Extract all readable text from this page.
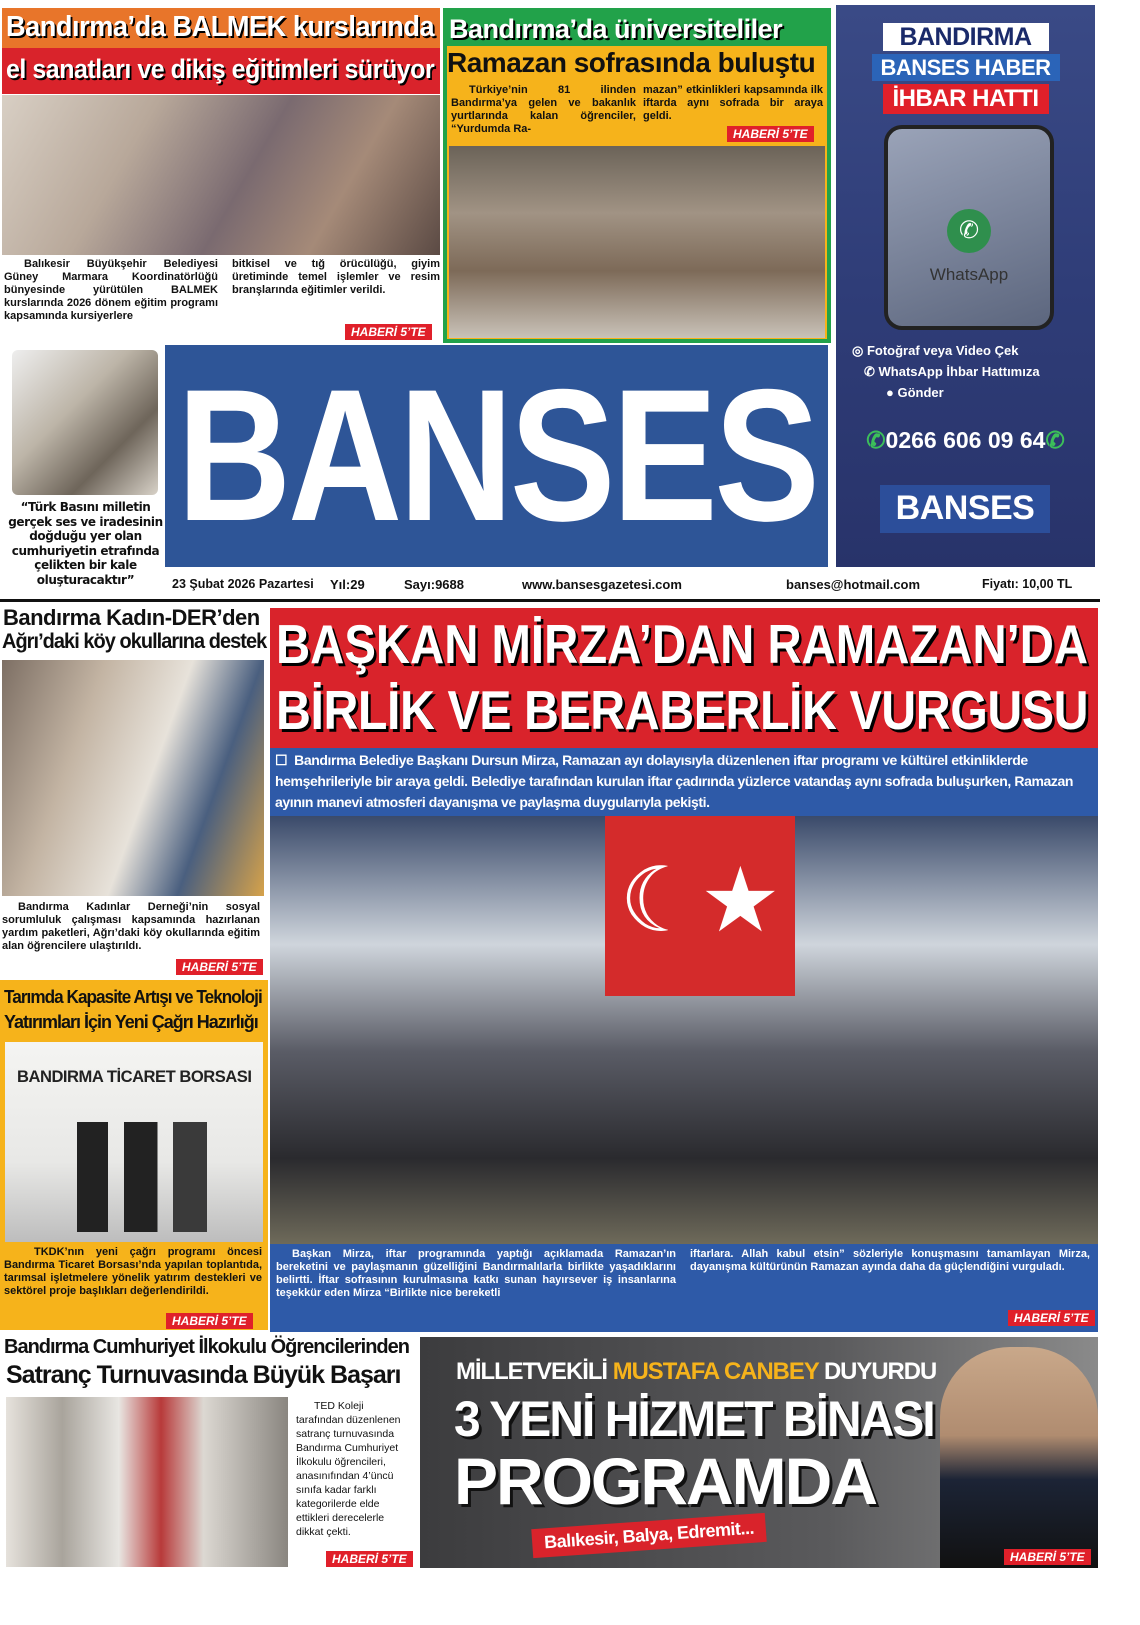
Bandırma’da BALMEK kurslarında
el sanatları ve dikiş eğitimleri sürüyor
Balıkesir Büyükşehir Belediyesi Güney Marmara Koordinatörlüğü bünyesinde yürütülen BALMEK kurslarında 2026 dönem eğitim programı kapsamında kursiyerlere
bitkisel ve tığ örücülüğü, giyim üretiminde temel işlemler ve resim branşlarında eğitimler verildi.
HABERİ 5’TE
Bandırma’da üniversiteliler
Ramazan sofrasında buluştu
Türkiye’nin 81 ilinden Bandırma’ya gelen ve bakanlık yurtlarında kalan öğrenciler, “Yurdumda Ra-
mazan” etkinlikleri kapsamında ilk iftarda aynı sofrada bir araya geldi.
HABERİ 5’TE
BANDIRMA
BANSES HABER
İHBAR HATTI
✆
WhatsApp
◎ Fotoğraf veya Video Çek
✆ WhatsApp İhbar Hattımıza
● Gönder
✆0266 606 09 64✆
BANSES
“Türk Basını milletin gerçek ses ve iradesinin doğduğu yer olan cumhuriyetin etrafında çelikten bir kale oluşturacaktır”
BANSES
23 Şubat 2026 Pazartesi Yıl:29	Sayı:9688	www.bansesgazetesi.com	banses@hotmail.com	Fiyatı: 10,00 TL
Bandırma Kadın-DER’den
Ağrı’daki köy okullarına destek
Bandırma Kadınlar Derneği’nin sosyal sorumluluk çalışması kapsamında hazırlanan yardım paketleri, Ağrı’daki köy okullarında eğitim alan öğrencilere ulaştırıldı.
HABERİ 5’TE
Tarımda Kapasite Artışı ve Teknoloji
Yatırımları İçin Yeni Çağrı Hazırlığı
BANDIRMA TİCARET BORSASI
TKDK’nın yeni çağrı programı öncesi Bandırma Ticaret Borsası’nda yapılan toplantıda, tarımsal işletmelere yönelik yatırım destekleri ve sektörel proje başlıkları değerlendirildi.
HABERİ 5’TE
BAŞKAN MİRZA’DAN RAMAZAN’DA
BİRLİK VE BERABERLİK VURGUSU
☐  Bandırma Belediye Başkanı Dursun Mirza, Ramazan ayı dolayısıyla düzenlenen iftar programı ve kültürel etkinliklerde hemşehrileriyle bir araya geldi. Belediye tarafından kurulan iftar çadırında yüzlerce vatandaş aynı sofrada buluşurken, Ramazan ayının manevi atmosferi dayanışma ve paylaşma duygularıyla pekişti.
☾★
Başkan Mirza, iftar programında yaptığı açıklamada Ramazan’ın bereketini ve paylaşmanın güzelliğini Bandırmalılarla birlikte yaşadıklarını belirtti. İftar sofrasının kurulmasına katkı sunan hayırsever iş insanlarına teşekkür eden Mirza “Birlikte nice bereketli
iftarlara. Allah kabul etsin” sözleriyle konuşmasını tamamlayan Mirza, dayanışma kültürünün Ramazan ayında daha da güçlendiğini vurguladı.
HABERİ 5’TE
Bandırma Cumhuriyet İlkokulu Öğrencilerinden
Satranç Turnuvasında Büyük Başarı
TED Koleji tarafından düzenlenen satranç turnuvasında Bandırma Cumhuriyet İlkokulu öğrencileri, anasınıfından 4’üncü sınıfa kadar farklı kategorilerde elde ettikleri derecelerle dikkat çekti.
HABERİ 5’TE
MİLLETVEKİLİ MUSTAFA CANBEY DUYURDU
3 YENİ HİZMET BİNASI
PROGRAMDA
Balıkesir, Balya, Edremit...
HABERİ 5’TE
